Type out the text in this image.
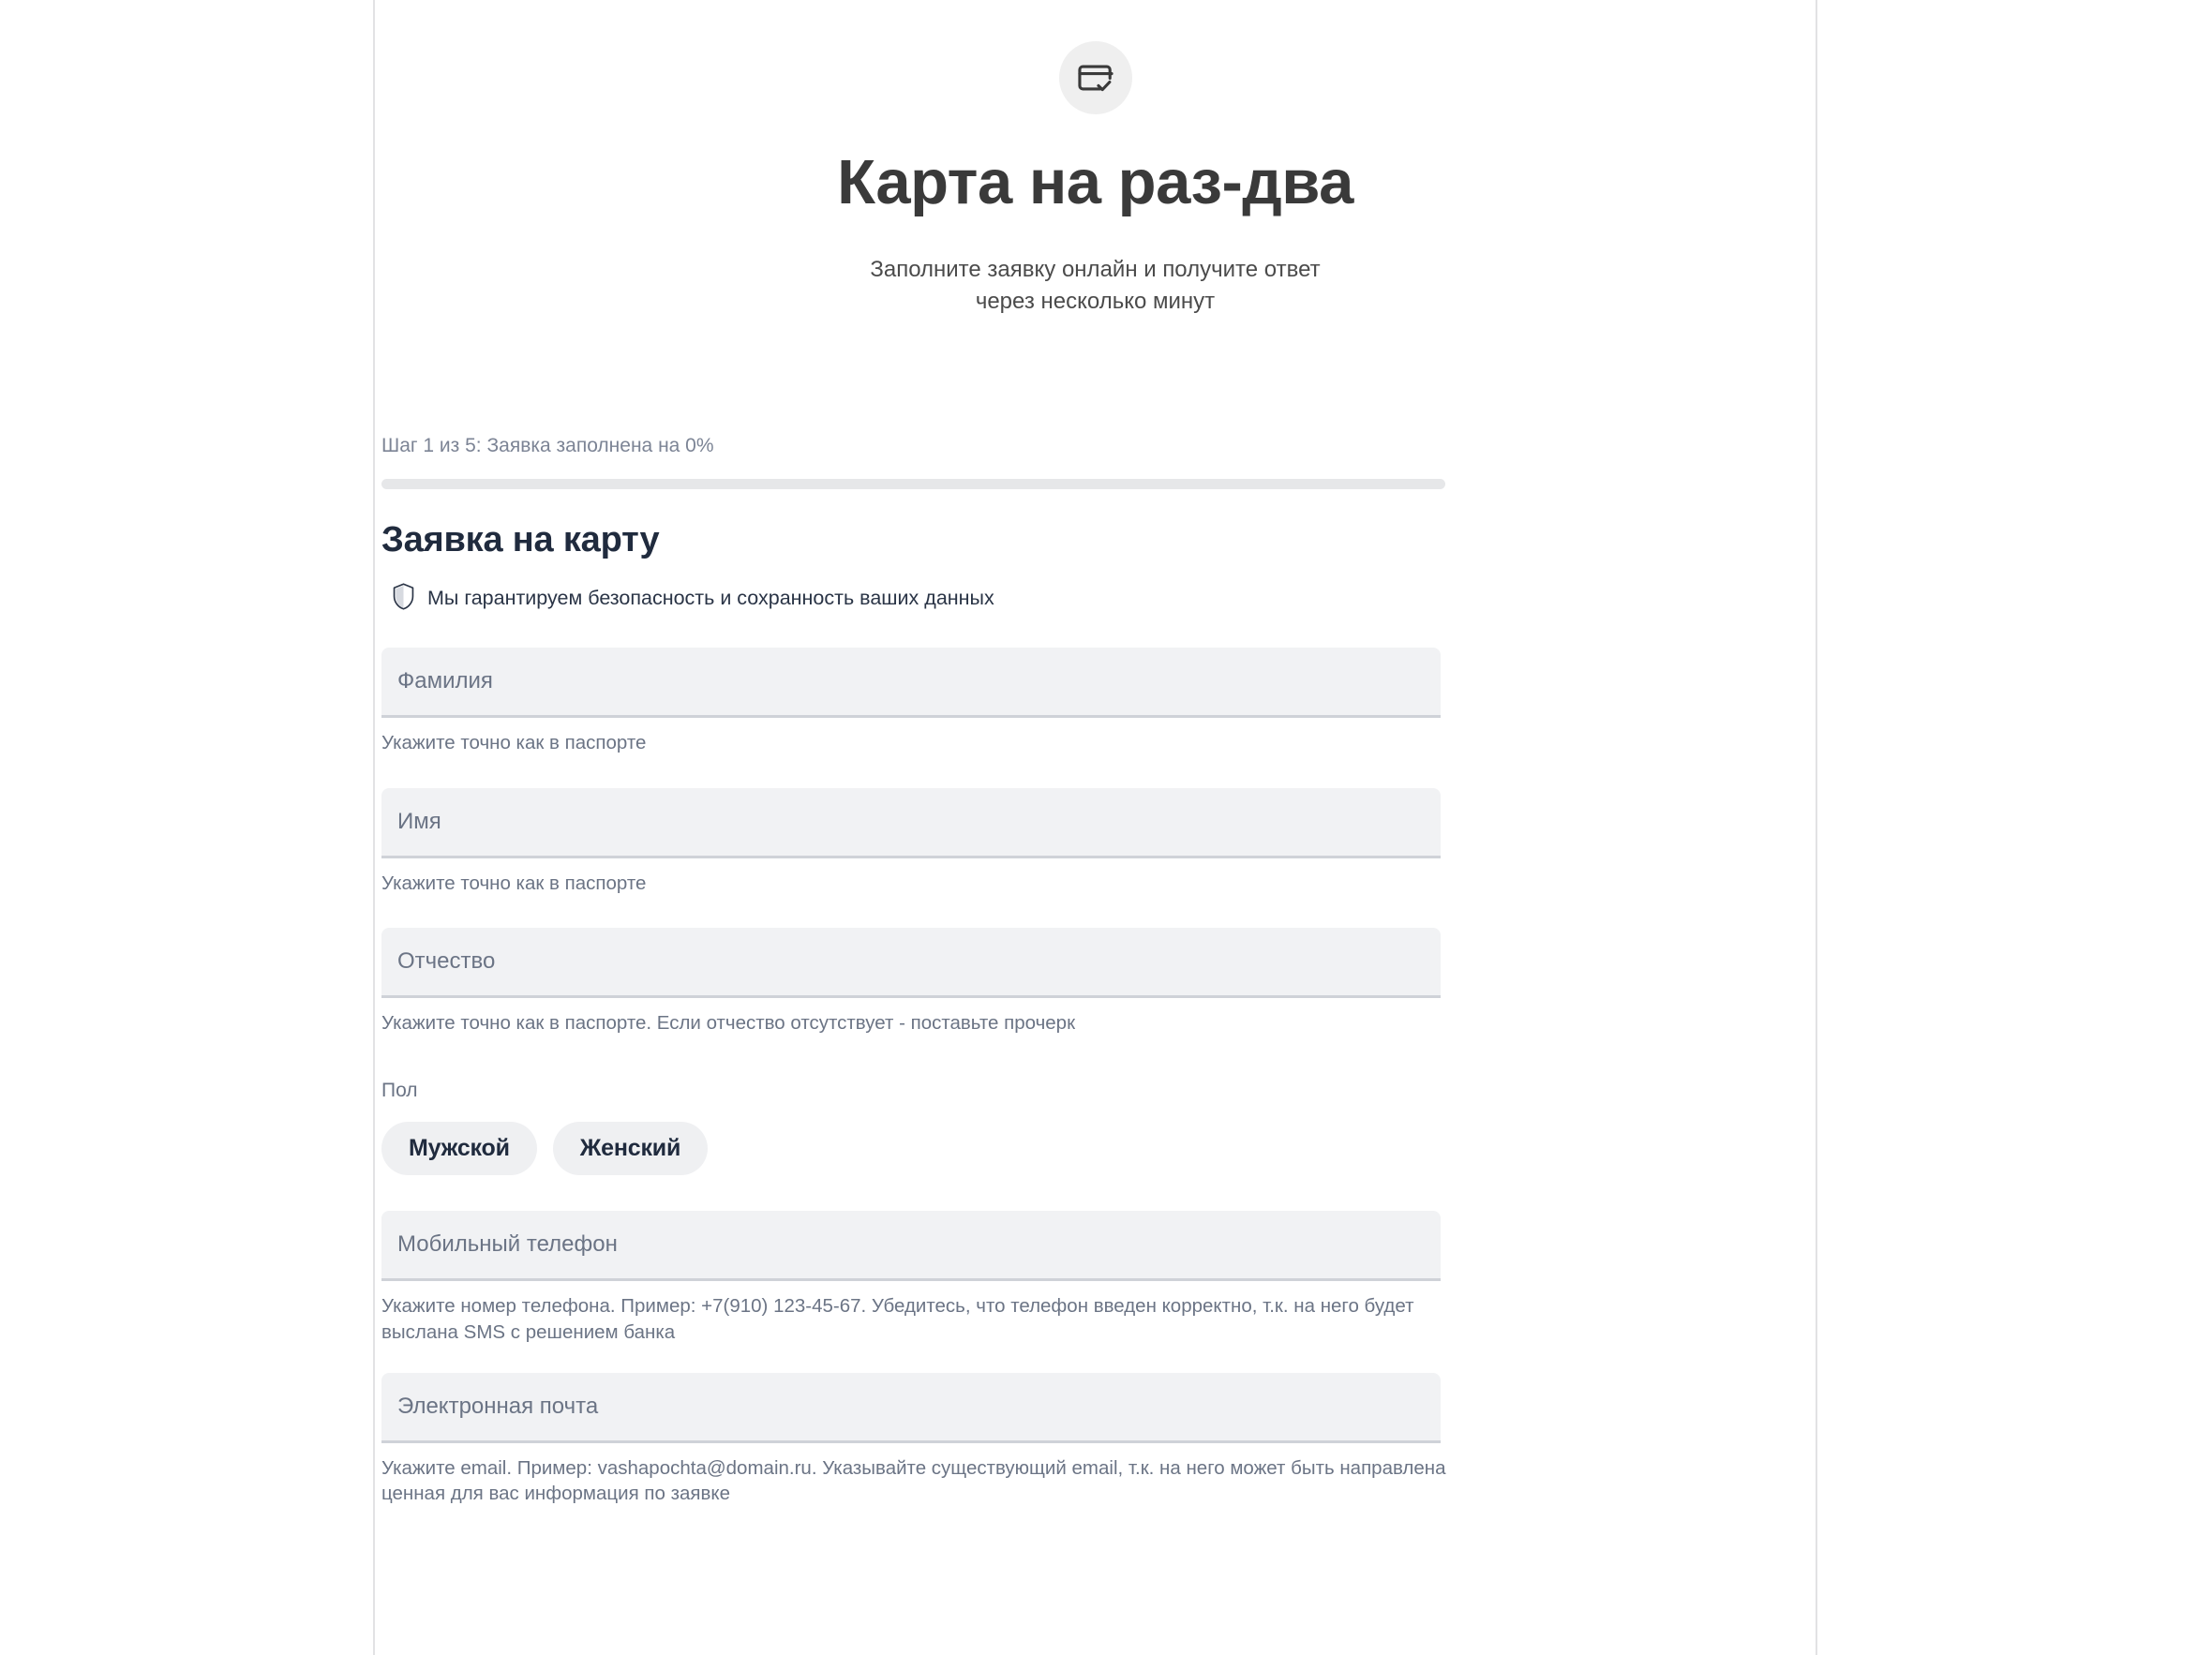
Карта на раз-два

Заполните заявку онлайн и получите ответ
через несколько минут

Шаг 1 из 5: Заявка заполнена на 0%
Заявка на карту
Мы гарантируем безопасность и сохранность ваших данных
Фамилия
Укажите точно как в паспорте
Имя
Укажите точно как в паспорте
Отчество
Укажите точно как в паспорте. Если отчество отсутствует - поставьте прочерк
Пол
Мужской	Женский
Мобильный телефон
Укажите номер телефона. Пример: +7(910) 123-45-67. Убедитесь, что телефон введен корректно, т.к. на него будет выслана SMS с решением банка
Электронная почта
Укажите email. Пример: vashapochta@domain.ru. Указывайте существующий email, т.к. на него может быть направлена ценная для вас информация по заявке
